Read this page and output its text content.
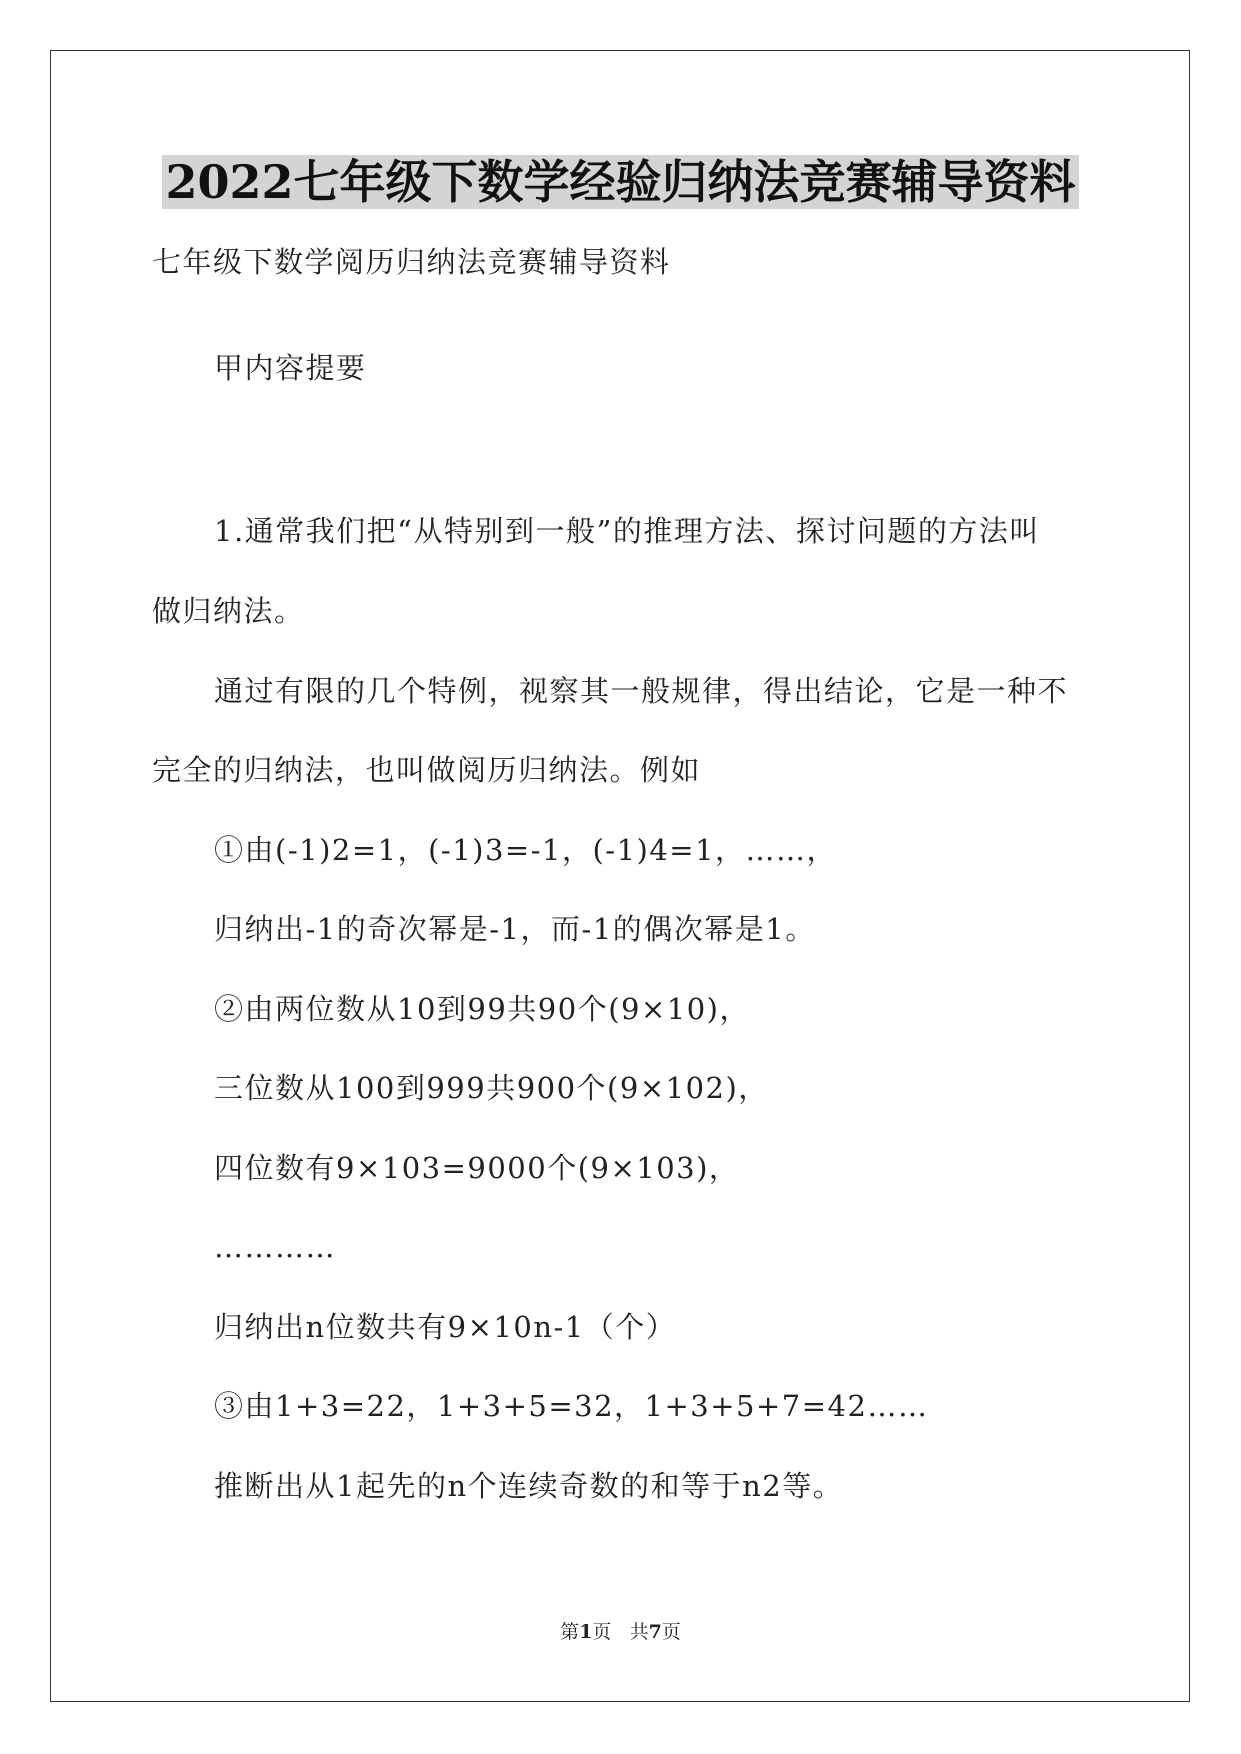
2022七年级下数学经验归纳法竞赛辅导资料
七年级下数学阅历归纳法竞赛辅导资料
甲内容提要
1.通常我们把“从特别到一般”的推理方法、探讨问题的方法叫
做归纳法。
通过有限的几个特例，视察其一般规律，得出结论，它是一种不
完全的归纳法，也叫做阅历归纳法。例如
①由(-1)2=1，(-1)3=-1，(-1)4=1，……，
归纳出-1的奇次幂是-1，而-1的偶次幂是1。
②由两位数从10到99共90个(9×10)，
三位数从100到999共900个(9×102)，
四位数有9×103=9000个(9×103)，
…………
归纳出n位数共有9×10n-1（个）
③由1+3=22，1+3+5=32，1+3+5+7=42……
推断出从1起先的n个连续奇数的和等于n2等。
第1页 共7页
